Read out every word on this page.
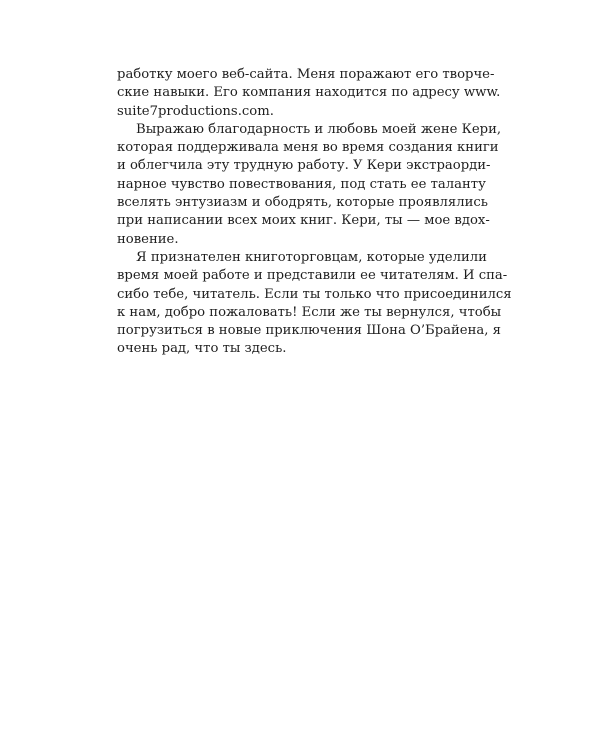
работку моего веб-сайта. Меня поражают его творче-
ские навыки. Его компания находится по адресу www.
suite7productions.com.
Выражаю благодарность и любовь моей жене Кери,
которая поддерживала меня во время создания книги
и облегчила эту трудную работу. У Кери экстраорди-
нарное чувство повествования, под стать ее таланту
вселять энтузиазм и ободрять, которые проявлялись
при написании всех моих книг. Кери, ты — мое вдох-
новение.
Я признателен книготорговцам, которые уделили
время моей работе и представили ее читателям. И спа-
сибо тебе, читатель. Если ты только что присоединился
к нам, добро пожаловать! Если же ты вернулся, чтобы
погрузиться в новые приключения Шона О’Брайена, я
очень рад, что ты здесь.
